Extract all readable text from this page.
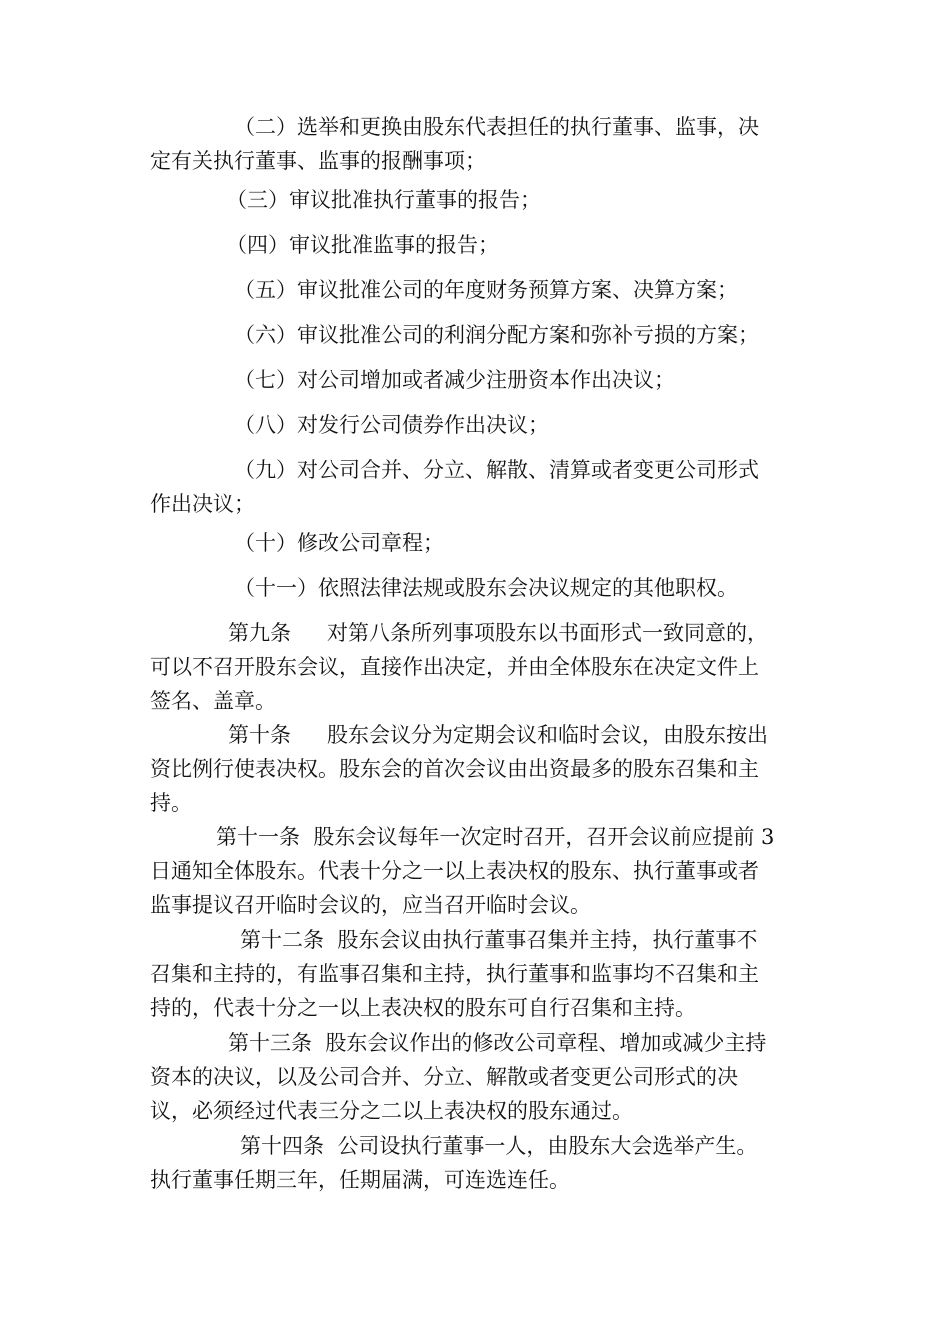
（二）选举和更换由股东代表担任的执行董事、监事，决
定有关执行董事、监事的报酬事项；

（三）审议批准执行董事的报告；

（四）审议批准监事的报告；

（五）审议批准公司的年度财务预算方案、决算方案；

（六）审议批准公司的利润分配方案和弥补亏损的方案；

（七）对公司增加或者减少注册资本作出决议；

（八）对发行公司债券作出决议；

（九）对公司合并、分立、解散、清算或者变更公司形式
作出决议；

（十）修改公司章程；

（十一）依照法律法规或股东会决议规定的其他职权。

第九条 对第八条所列事项股东以书面形式一致同意的，
可以不召开股东会议，直接作出决定，并由全体股东在决定文件上
签名、盖章。

第十条 股东会议分为定期会议和临时会议，由股东按出
资比例行使表决权。股东会的首次会议由出资最多的股东召集和主
持。

第十一条  股东会议每年一次定时召开，召开会议前应提前 3
日通知全体股东。代表十分之一以上表决权的股东、执行董事或者
监事提议召开临时会议的，应当召开临时会议。

第十二条  股东会议由执行董事召集并主持，执行董事不
召集和主持的，有监事召集和主持，执行董事和监事均不召集和主
持的，代表十分之一以上表决权的股东可自行召集和主持。

第十三条  股东会议作出的修改公司章程、增加或减少主持
资本的决议，以及公司合并、分立、解散或者变更公司形式的决
议，必须经过代表三分之二以上表决权的股东通过。

第十四条  公司设执行董事一人，由股东大会选举产生。
执行董事任期三年，任期届满，可连选连任。
